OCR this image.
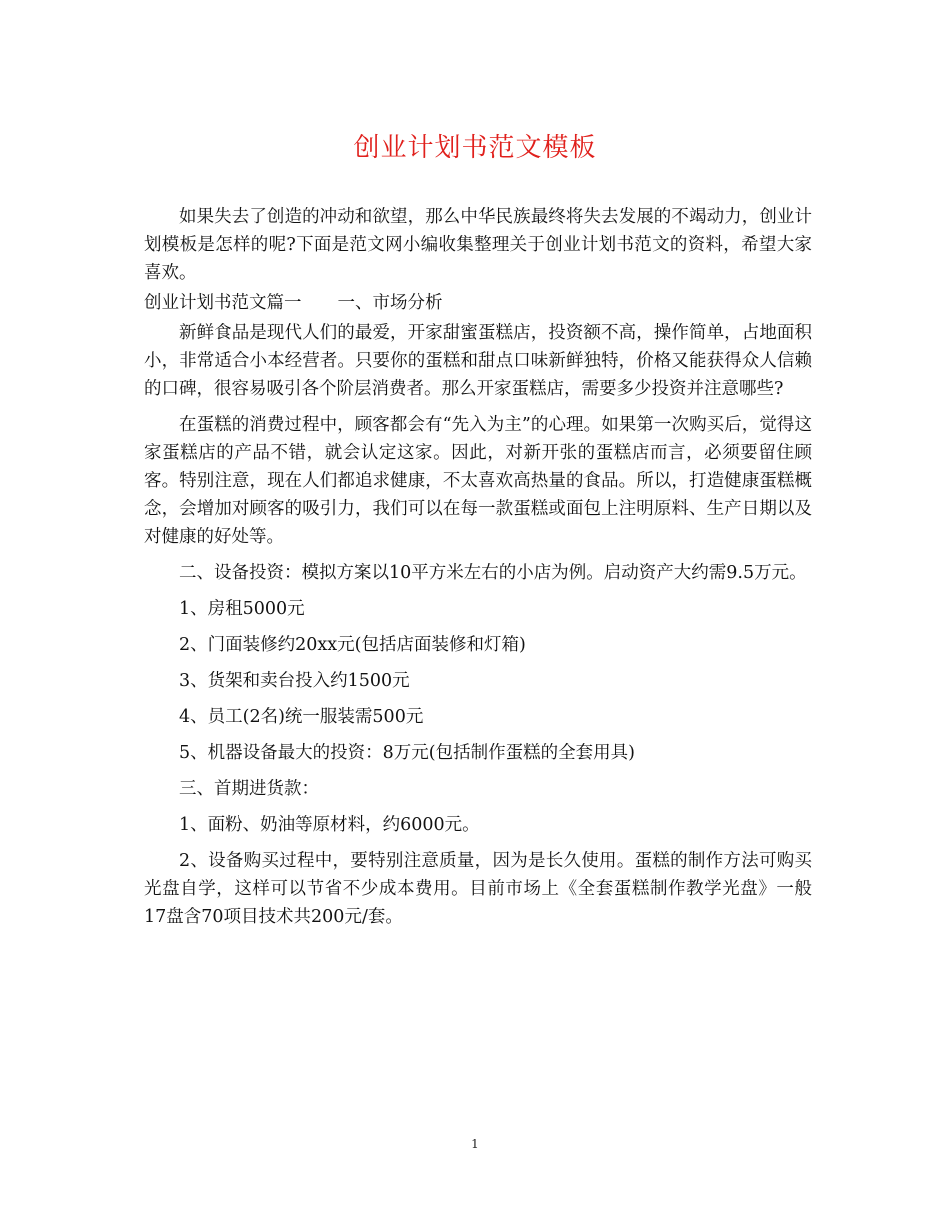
创业计划书范文模板

如果失去了创造的冲动和欲望，那么中华民族最终将失去发展的不竭动力，创业计划模板是怎样的呢?下面是范文网小编收集整理关于创业计划书范文的资料，希望大家喜欢。

创业计划书范文篇一 一、市场分析

新鲜食品是现代人们的最爱，开家甜蜜蛋糕店，投资额不高，操作简单，占地面积小，非常适合小本经营者。只要你的蛋糕和甜点口味新鲜独特，价格又能获得众人信赖的口碑，很容易吸引各个阶层消费者。那么开家蛋糕店，需要多少投资并注意哪些?

在蛋糕的消费过程中，顾客都会有“先入为主”的心理。如果第一次购买后，觉得这家蛋糕店的产品不错，就会认定这家。因此，对新开张的蛋糕店而言，必须要留住顾客。特别注意，现在人们都追求健康，不太喜欢高热量的食品。所以，打造健康蛋糕概念，会增加对顾客的吸引力，我们可以在每一款蛋糕或面包上注明原料、生产日期以及对健康的好处等。

二、设备投资：模拟方案以10平方米左右的小店为例。启动资产大约需9.5万元。

1、房租5000元

2、门面装修约20xx元(包括店面装修和灯箱)

3、货架和卖台投入约1500元

4、员工(2名)统一服装需500元

5、机器设备最大的投资：8万元(包括制作蛋糕的全套用具)

三、首期进货款：

1、面粉、奶油等原材料，约6000元。

2、设备购买过程中，要特别注意质量，因为是长久使用。蛋糕的制作方法可购买光盘自学，这样可以节省不少成本费用。目前市场上《全套蛋糕制作教学光盘》一般17盘含70项目技术共200元/套。

1
